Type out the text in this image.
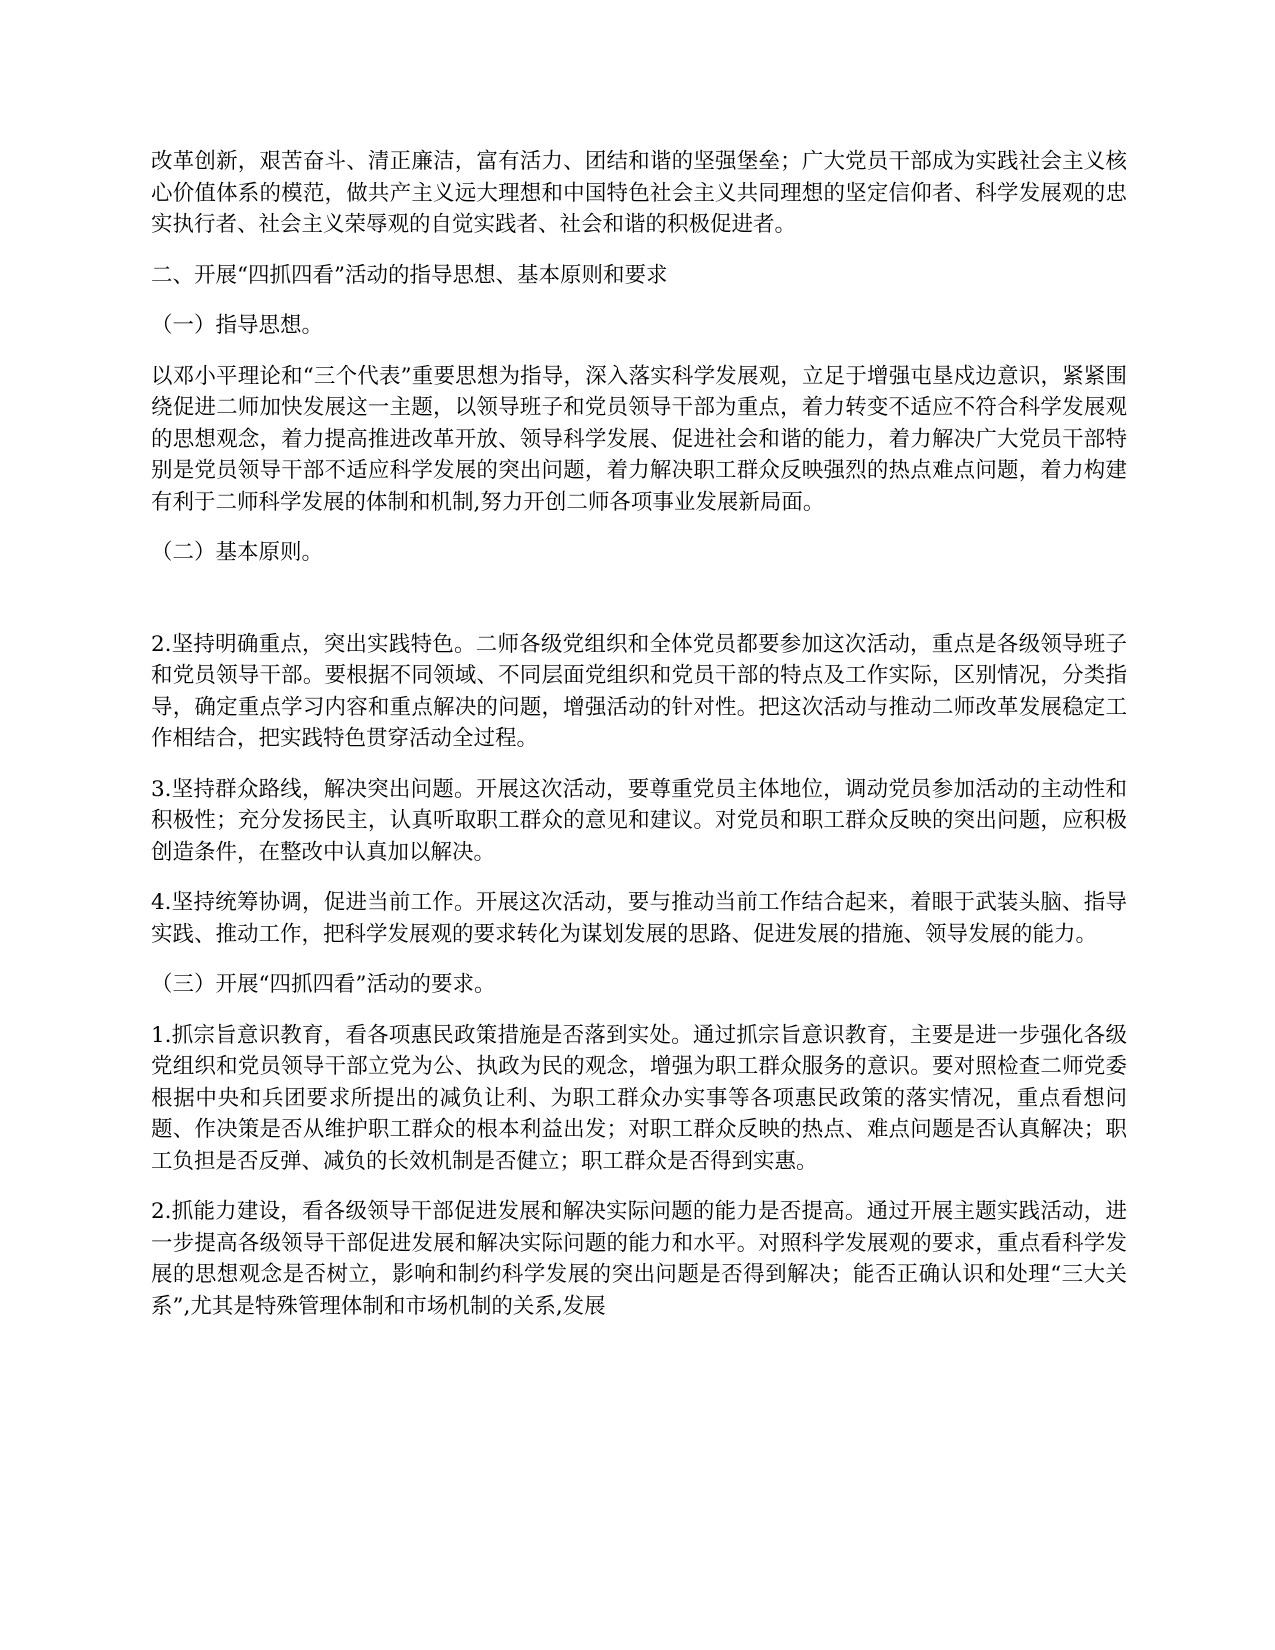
改革创新，艰苦奋斗、清正廉洁，富有活力、团结和谐的坚强堡垒；广大党员干部成为实践社会主义核心价值体系的模范，做共产主义远大理想和中国特色社会主义共同理想的坚定信仰者、科学发展观的忠实执行者、社会主义荣辱观的自觉实践者、社会和谐的积极促进者。

二、开展“四抓四看”活动的指导思想、基本原则和要求

（一）指导思想。

以邓小平理论和“三个代表”重要思想为指导，深入落实科学发展观，立足于增强屯垦戍边意识，紧紧围绕促进二师加快发展这一主题，以领导班子和党员领导干部为重点，着力转变不适应不符合科学发展观的思想观念，着力提高推进改革开放、领导科学发展、促进社会和谐的能力，着力解决广大党员干部特别是党员领导干部不适应科学发展的突出问题，着力解决职工群众反映强烈的热点难点问题，着力构建有利于二师科学发展的体制和机制,努力开创二师各项事业发展新局面。

（二）基本原则。

2.坚持明确重点，突出实践特色。二师各级党组织和全体党员都要参加这次活动，重点是各级领导班子和党员领导干部。要根据不同领域、不同层面党组织和党员干部的特点及工作实际，区别情况，分类指导，确定重点学习内容和重点解决的问题，增强活动的针对性。把这次活动与推动二师改革发展稳定工作相结合，把实践特色贯穿活动全过程。

3.坚持群众路线，解决突出问题。开展这次活动，要尊重党员主体地位，调动党员参加活动的主动性和积极性；充分发扬民主，认真听取职工群众的意见和建议。对党员和职工群众反映的突出问题，应积极创造条件，在整改中认真加以解决。

4.坚持统筹协调，促进当前工作。开展这次活动，要与推动当前工作结合起来，着眼于武装头脑、指导实践、推动工作，把科学发展观的要求转化为谋划发展的思路、促进发展的措施、领导发展的能力。

（三）开展“四抓四看”活动的要求。

1.抓宗旨意识教育，看各项惠民政策措施是否落到实处。通过抓宗旨意识教育，主要是进一步强化各级党组织和党员领导干部立党为公、执政为民的观念，增强为职工群众服务的意识。要对照检查二师党委根据中央和兵团要求所提出的减负让利、为职工群众办实事等各项惠民政策的落实情况，重点看想问题、作决策是否从维护职工群众的根本利益出发；对职工群众反映的热点、难点问题是否认真解决；职工负担是否反弹、减负的长效机制是否健立；职工群众是否得到实惠。

2.抓能力建设，看各级领导干部促进发展和解决实际问题的能力是否提高。通过开展主题实践活动，进一步提高各级领导干部促进发展和解决实际问题的能力和水平。对照科学发展观的要求，重点看科学发展的思想观念是否树立，影响和制约科学发展的突出问题是否得到解决；能否正确认识和处理“三大关系”,尤其是特殊管理体制和市场机制的关系,发展
